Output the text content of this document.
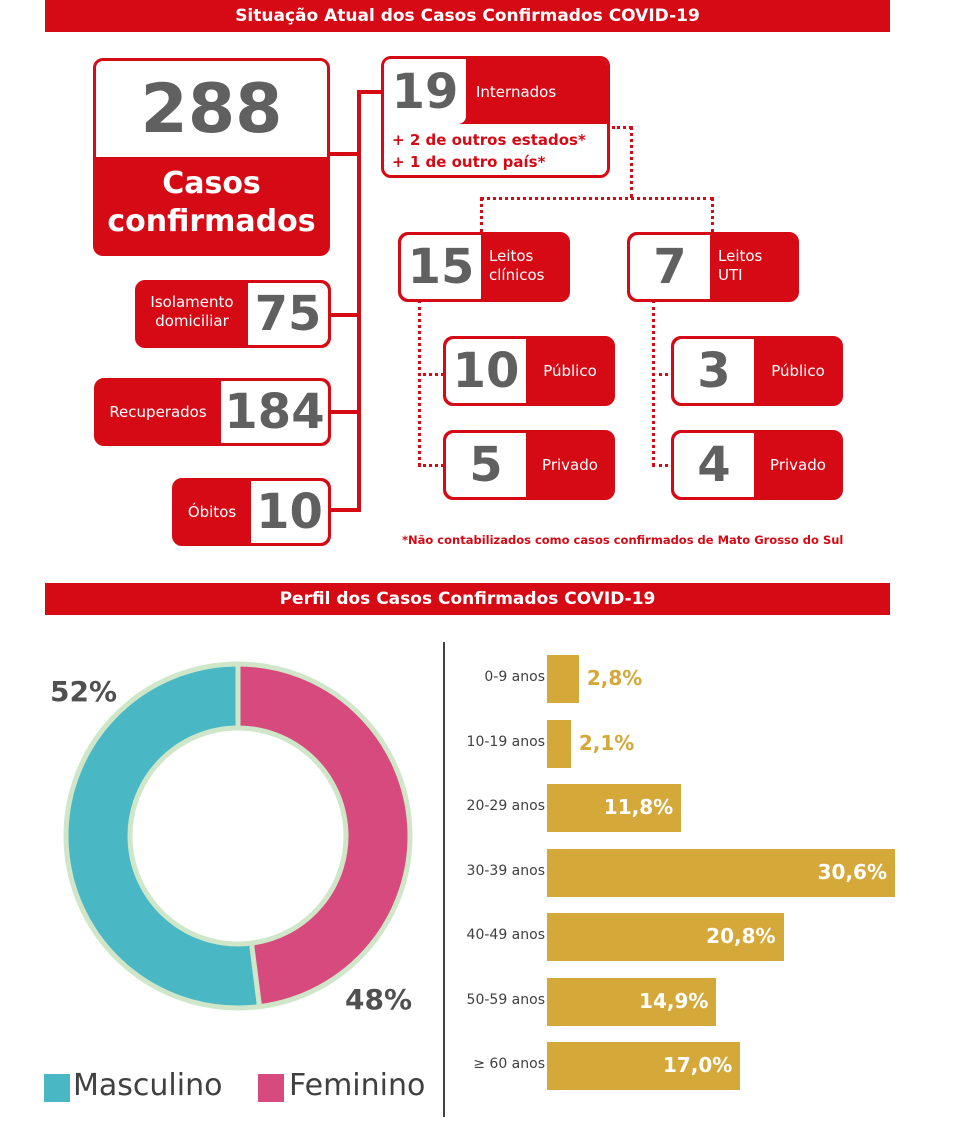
Situação Atual dos Casos Confirmados COVID-19
288
Casos
confirmados
Isolamento
domiciliar 75
Recuperados 184
Óbitos 10
19	Internados
+ 2 de outros estados*
+ 1 de outro país*
15 Leitos
clínicos	7	Leitos
UTI
10	Público
5	Privado
3	Público
4	Privado
*Não contabilizados como casos confirmados de Mato Grosso do Sul
Perfil dos Casos Confirmados COVID-19
52%
48%
Masculino Feminino
0-9 anos 2,8%
10-19 anos 2,1%
20-29 anos	11,8%
30-39 anos	30,6%
40-49 anos	20,8%
50-59 anos	14,9%
≥ 60 anos	17,0%
